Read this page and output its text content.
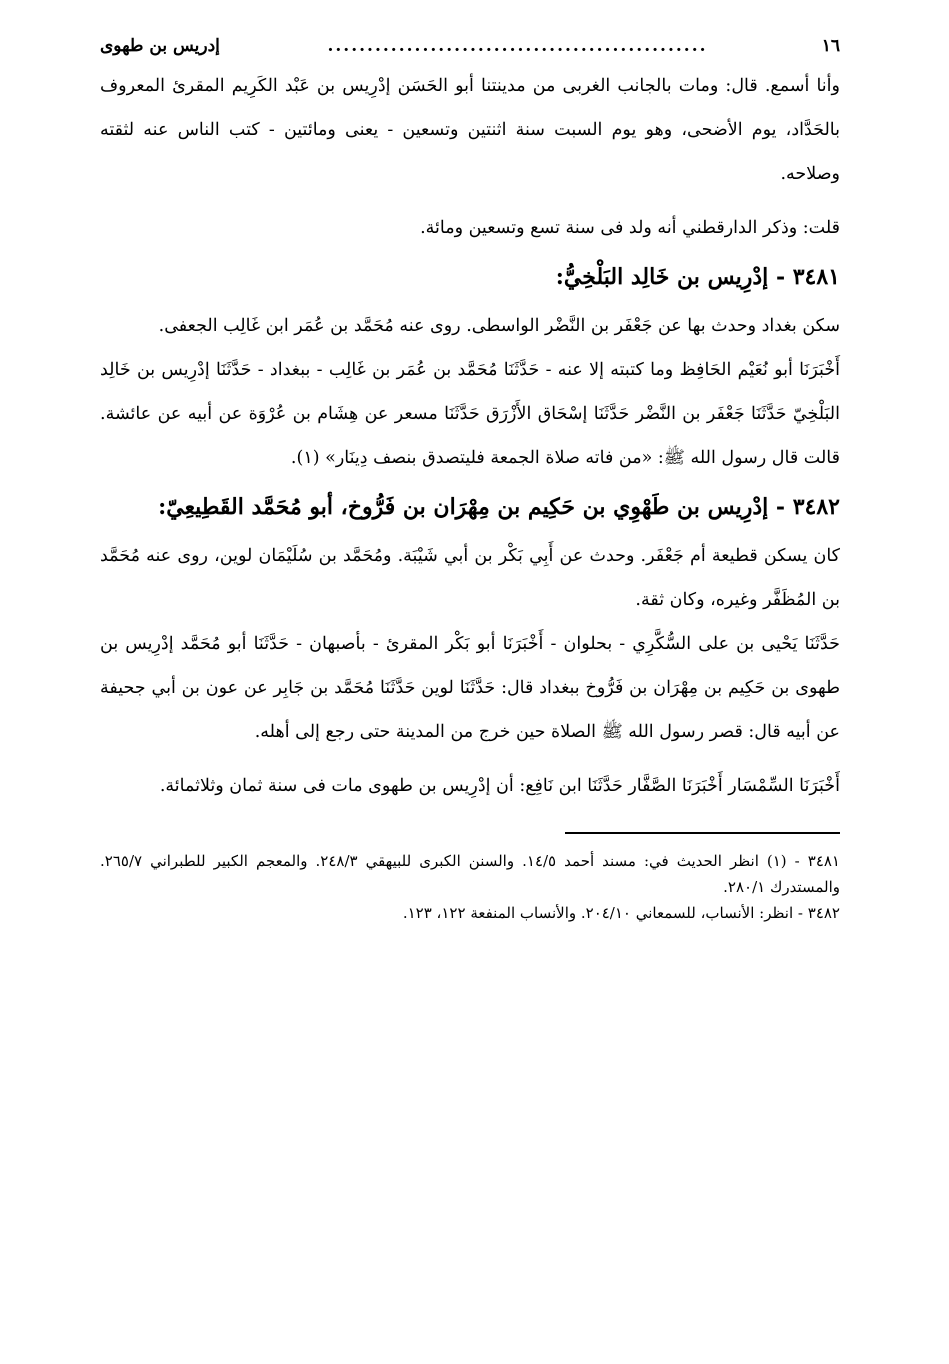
١٦
................................................
إدريس بن طهوى

وأنا أسمع. قال: ومات بالجانب الغربى من مدينتنا أبو الحَسَن إدْرِيس بن عَبْد الكَرِيم المقرئ المعروف بالحَدَّاد، يوم الأضحى، وهو يوم السبت سنة اثنتين وتسعين - يعنى ومائتين - كتب الناس عنه لثقته وصلاحه.

قلت: وذكر الدارقطني أنه ولد فى سنة تسع وتسعين ومائة.

٣٤٨١ - إدْرِيس بن خَالِد البَلْخِيُّ:

سكن بغداد وحدث بها عن جَعْفَر بن النَّضْر الواسطى. روى عنه مُحَمَّد بن عُمَر ابن غَالِب الجعفى.

أَخْبَرَنَا أبو نُعَيْم الحَافِظ وما كتبته إلا عنه - حَدَّثَنَا مُحَمَّد بن عُمَر بن غَالِب - ببغداد - حَدَّثَنَا إدْرِيس بن خَالِد البَلْخِيّ حَدَّثَنَا جَعْفَر بن النَّضْر حَدَّثَنَا إسْحَاق الأَزْرَق حَدَّثَنَا مسعر عن هِشَام بن عُرْوَة عن أبيه عن عائشة. قالت قال رسول الله ﷺ: «من فاته صلاة الجمعة فليتصدق بنصف دِينَار» (١).

٣٤٨٢ - إدْرِيس بن طَهْوِي بن حَكِيم بن مِهْرَان بن فَرُّوخ، أبو مُحَمَّد القَطِيعِيّ:

كان يسكن قطيعة أم جَعْفَر. وحدث عن أَبِي بَكْر بن أبي شَيْبَة. ومُحَمَّد بن سُلَيْمَان لوين، روى عنه مُحَمَّد بن المُظَفَّر وغيره، وكان ثقة.

حَدَّثَنَا يَحْيى بن على السُّكَّرِي - بحلوان - أَخْبَرَنَا أبو بَكْر المقرئ - بأصبهان - حَدَّثَنَا أبو مُحَمَّد إدْرِيس بن طهوى بن حَكِيم بن مِهْرَان بن فَرُّوخ ببغداد قال: حَدَّثَنَا لوين حَدَّثَنَا مُحَمَّد بن جَابِر عن عون بن أبي جحيفة عن أبيه قال: قصر رسول الله ﷺ الصلاة حين خرج من المدينة حتى رجع إلى أهله.

أَخْبَرَنَا السِّمْسَار أَخْبَرَنَا الصَّفَّار حَدَّثَنَا ابن نَافِع: أن إدْرِيس بن طهوى مات فى سنة ثمان وثلاثمائة.

٣٤٨١ - (١) انظر الحديث في: مسند أحمد ١٤/٥. والسنن الكبرى للبيهقي ٢٤٨/٣. والمعجم الكبير للطبراني ٢٦٥/٧. والمستدرك ٢٨٠/١.

٣٤٨٢ - انظر: الأنساب، للسمعاني ٢٠٤/١٠. والأنساب المنفعة ١٢٢، ١٢٣.
